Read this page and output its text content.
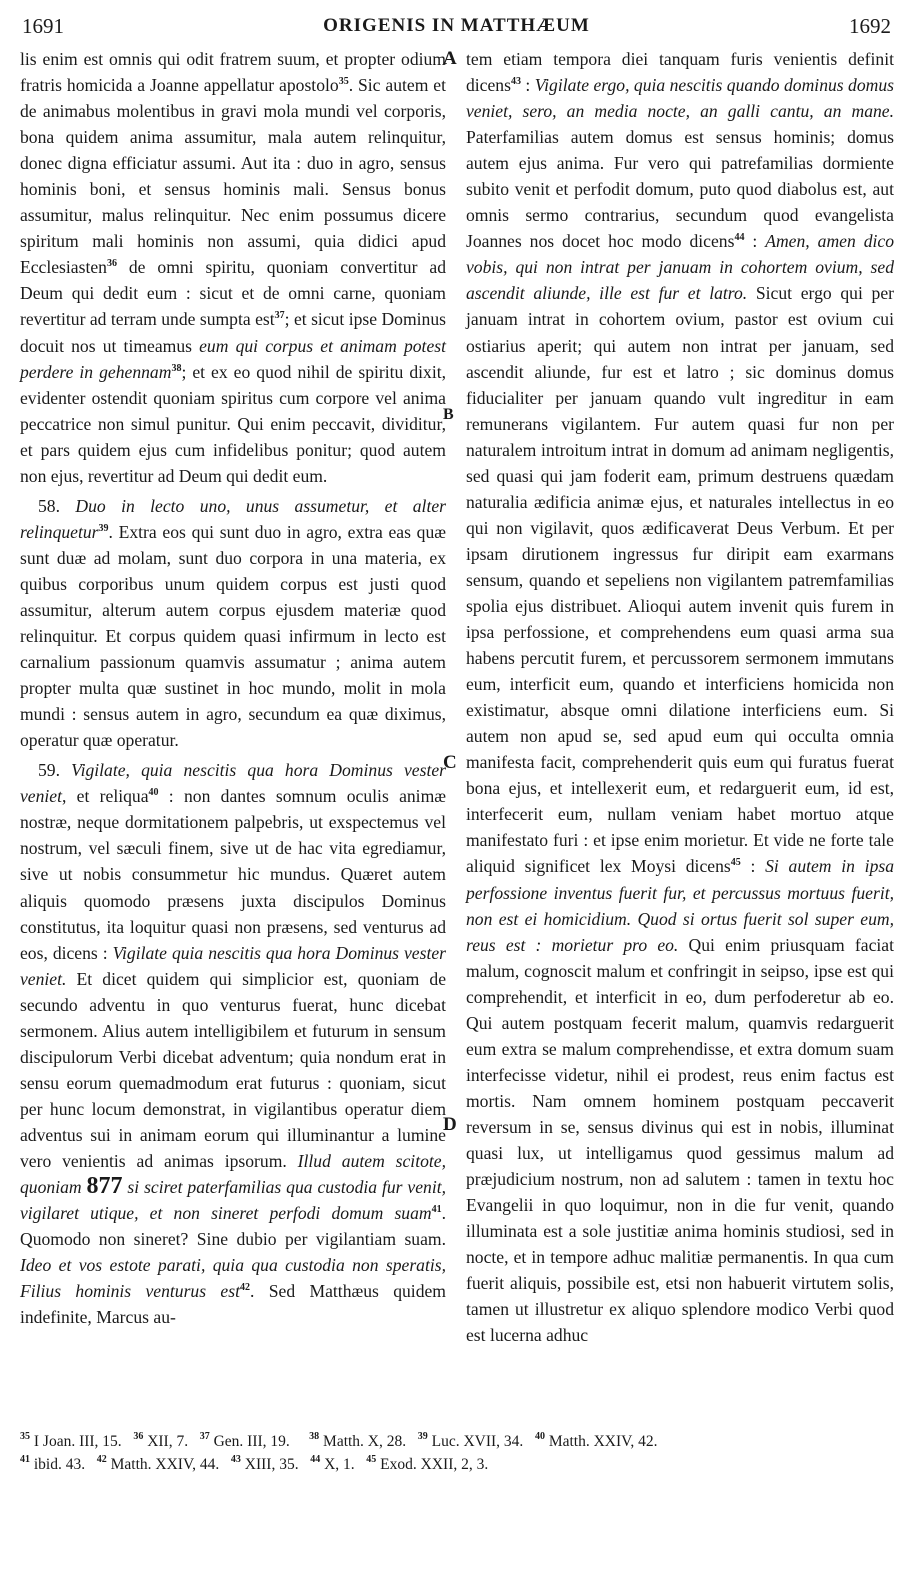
1691	ORIGENIS IN MATTHÆUM	1692
A
B
C
D

lis enim est omnis qui odit fratrem suum, et propter odium fratris homicida a Joanne appellatur apostolo$^{35}$. Sic autem et de animabus molentibus in gravi mola mundi vel corporis, bona quidem anima assumitur, mala autem relinquitur, donec digna efficiatur assumi. Aut ita : duo in agro, sensus hominis boni, et sensus hominis mali. Sensus bonus assumitur, malus relinquitur. Nec enim possumus dicere spiritum mali hominis non assumi, quia didici apud Ecclesiasten$^{36}$ de omni spiritu, quoniam convertitur ad Deum qui dedit eum : sicut et de omni carne, quoniam revertitur ad terram unde sumpta est$^{37}$; et sicut ipse Dominus docuit nos ut timeamus eum qui corpus et animam potest perdere in gehennam$^{38}$; et ex eo quod nihil de spiritu dixit, evidenter ostendit quoniam spiritus cum corpore vel anima peccatrice non simul punitur. Qui enim peccavit, dividitur, et pars quidem ejus cum infidelibus ponitur; quod autem non ejus, revertitur ad Deum qui dedit eum.

58. Duo in lecto uno, unus assumetur, et alter relinquetur$^{39}$. Extra eos qui sunt duo in agro, extra eas quæ sunt duæ ad molam, sunt duo corpora in una materia, ex quibus corporibus unum quidem corpus est justi quod assumitur, alterum autem corpus ejusdem materiæ quod relinquitur. Et corpus quidem quasi infirmum in lecto est carnalium passionum quamvis assumatur ; anima autem propter multa quæ sustinet in hoc mundo, molit in mola mundi : sensus autem in agro, secundum ea quæ diximus, operatur quæ operatur.

59. Vigilate, quia nescitis qua hora Dominus vester veniet, et reliqua$^{40}$ : non dantes somnum oculis animæ nostræ, neque dormitationem palpebris, ut exspectemus vel nostrum, vel sæculi finem, sive ut de hac vita egrediamur, sive ut nobis consummetur hic mundus. Quæret autem aliquis quomodo præsens juxta discipulos Dominus constitutus, ita loquitur quasi non præsens, sed venturus ad eos, dicens : Vigilate quia nescitis qua hora Dominus vester veniet. Et dicet quidem qui simplicior est, quoniam de secundo adventu in quo venturus fuerat, hunc dicebat sermonem. Alius autem intelligibilem et futurum in sensum discipulorum Verbi dicebat adventum; quia nondum erat in sensu eorum quemadmodum erat futurus : quoniam, sicut per hunc locum demonstrat, in vigilantibus operatur diem adventus sui in animam eorum qui illuminantur a lumine vero venientis ad animas ipsorum. Illud autem scitote, quoniam 877 si sciret paterfamilias qua custodia fur venit, vigilaret utique, et non sineret perfodi domum suam$^{41}$. Quomodo non sineret? Sine dubio per vigilantiam suam. Ideo et vos estote parati, quia qua custodia non speratis, Filius hominis venturus est$^{42}$. Sed Matthæus quidem indefinite, Marcus au-

tem etiam tempora diei tanquam furis venientis definit dicens$^{43}$ : Vigilate ergo, quia nescitis quando dominus domus veniet, sero, an media nocte, an galli cantu, an mane. Paterfamilias autem domus est sensus hominis; domus autem ejus anima. Fur vero qui patrefamilias dormiente subito venit et perfodit domum, puto quod diabolus est, aut omnis sermo contrarius, secundum quod evangelista Joannes nos docet hoc modo dicens$^{44}$ : Amen, amen dico vobis, qui non intrat per januam in cohortem ovium, sed ascendit aliunde, ille est fur et latro. Sicut ergo qui per januam intrat in cohortem ovium, pastor est ovium cui ostiarius aperit; qui autem non intrat per januam, sed ascendit aliunde, fur est et latro ; sic dominus domus fiducialiter per januam quando vult ingreditur in eam remunerans vigilantem. Fur autem quasi fur non per naturalem introitum intrat in domum ad animam negligentis, sed quasi qui jam foderit eam, primum destruens quædam naturalia ædificia animæ ejus, et naturales intellectus in eo qui non vigilavit, quos ædificaverat Deus Verbum. Et per ipsam dirutionem ingressus fur diripit eam exarmans sensum, quando et sepeliens non vigilantem patremfamilias spolia ejus distribuet. Alioqui autem invenit quis furem in ipsa perfossione, et comprehendens eum quasi arma sua habens percutit furem, et percussorem sermonem immutans eum, interficit eum, quando et interficiens homicida non existimatur, absque omni dilatione interficiens eum. Si autem non apud se, sed apud eum qui occulta omnia manifesta facit, comprehenderit quis eum qui furatus fuerat bona ejus, et intellexerit eum, et redarguerit eum, id est, interfecerit eum, nullam veniam habet mortuo atque manifestato furi : et ipse enim morietur. Et vide ne forte tale aliquid significet lex Moysi dicens$^{45}$ : Si autem in ipsa perfossione inventus fuerit fur, et percussus mortuus fuerit, non est ei homicidium. Quod si ortus fuerit sol super eum, reus est : morietur pro eo. Qui enim priusquam faciat malum, cognoscit malum et confringit in seipso, ipse est qui comprehendit, et interficit in eo, dum perfoderetur ab eo. Qui autem postquam fecerit malum, quamvis redarguerit eum extra se malum comprehendisse, et extra domum suam interfecisse videtur, nihil ei prodest, reus enim factus est mortis. Nam omnem hominem postquam peccaverit reversum in se, sensus divinus qui est in nobis, illuminat quasi lux, ut intelligamus quod gessimus malum ad præjudicium nostrum, non ad salutem : tamen in textu hoc Evangelii in quo loquimur, non in die fur venit, quando illuminata est a sole justitiæ anima hominis studiosi, sed in nocte, et in tempore adhuc malitiæ permanentis. In qua cum fuerit aliquis, possibile est, etsi non habuerit virtutem solis, tamen ut illustretur ex aliquo splendore modico Verbi quod est lucerna adhuc

$^{35}$ I Joan. III, 15. $^{36}$ XII, 7. $^{37}$ Gen. III, 19. $^{38}$ Matth. X, 28. $^{39}$ Luc. XVII, 34. $^{40}$ Matth. XXIV, 42.
$^{41}$ ibid. 43. $^{42}$ Matth. XXIV, 44. $^{43}$ XIII, 35. $^{44}$ X, 1. $^{45}$ Exod. XXII, 2, 3.
